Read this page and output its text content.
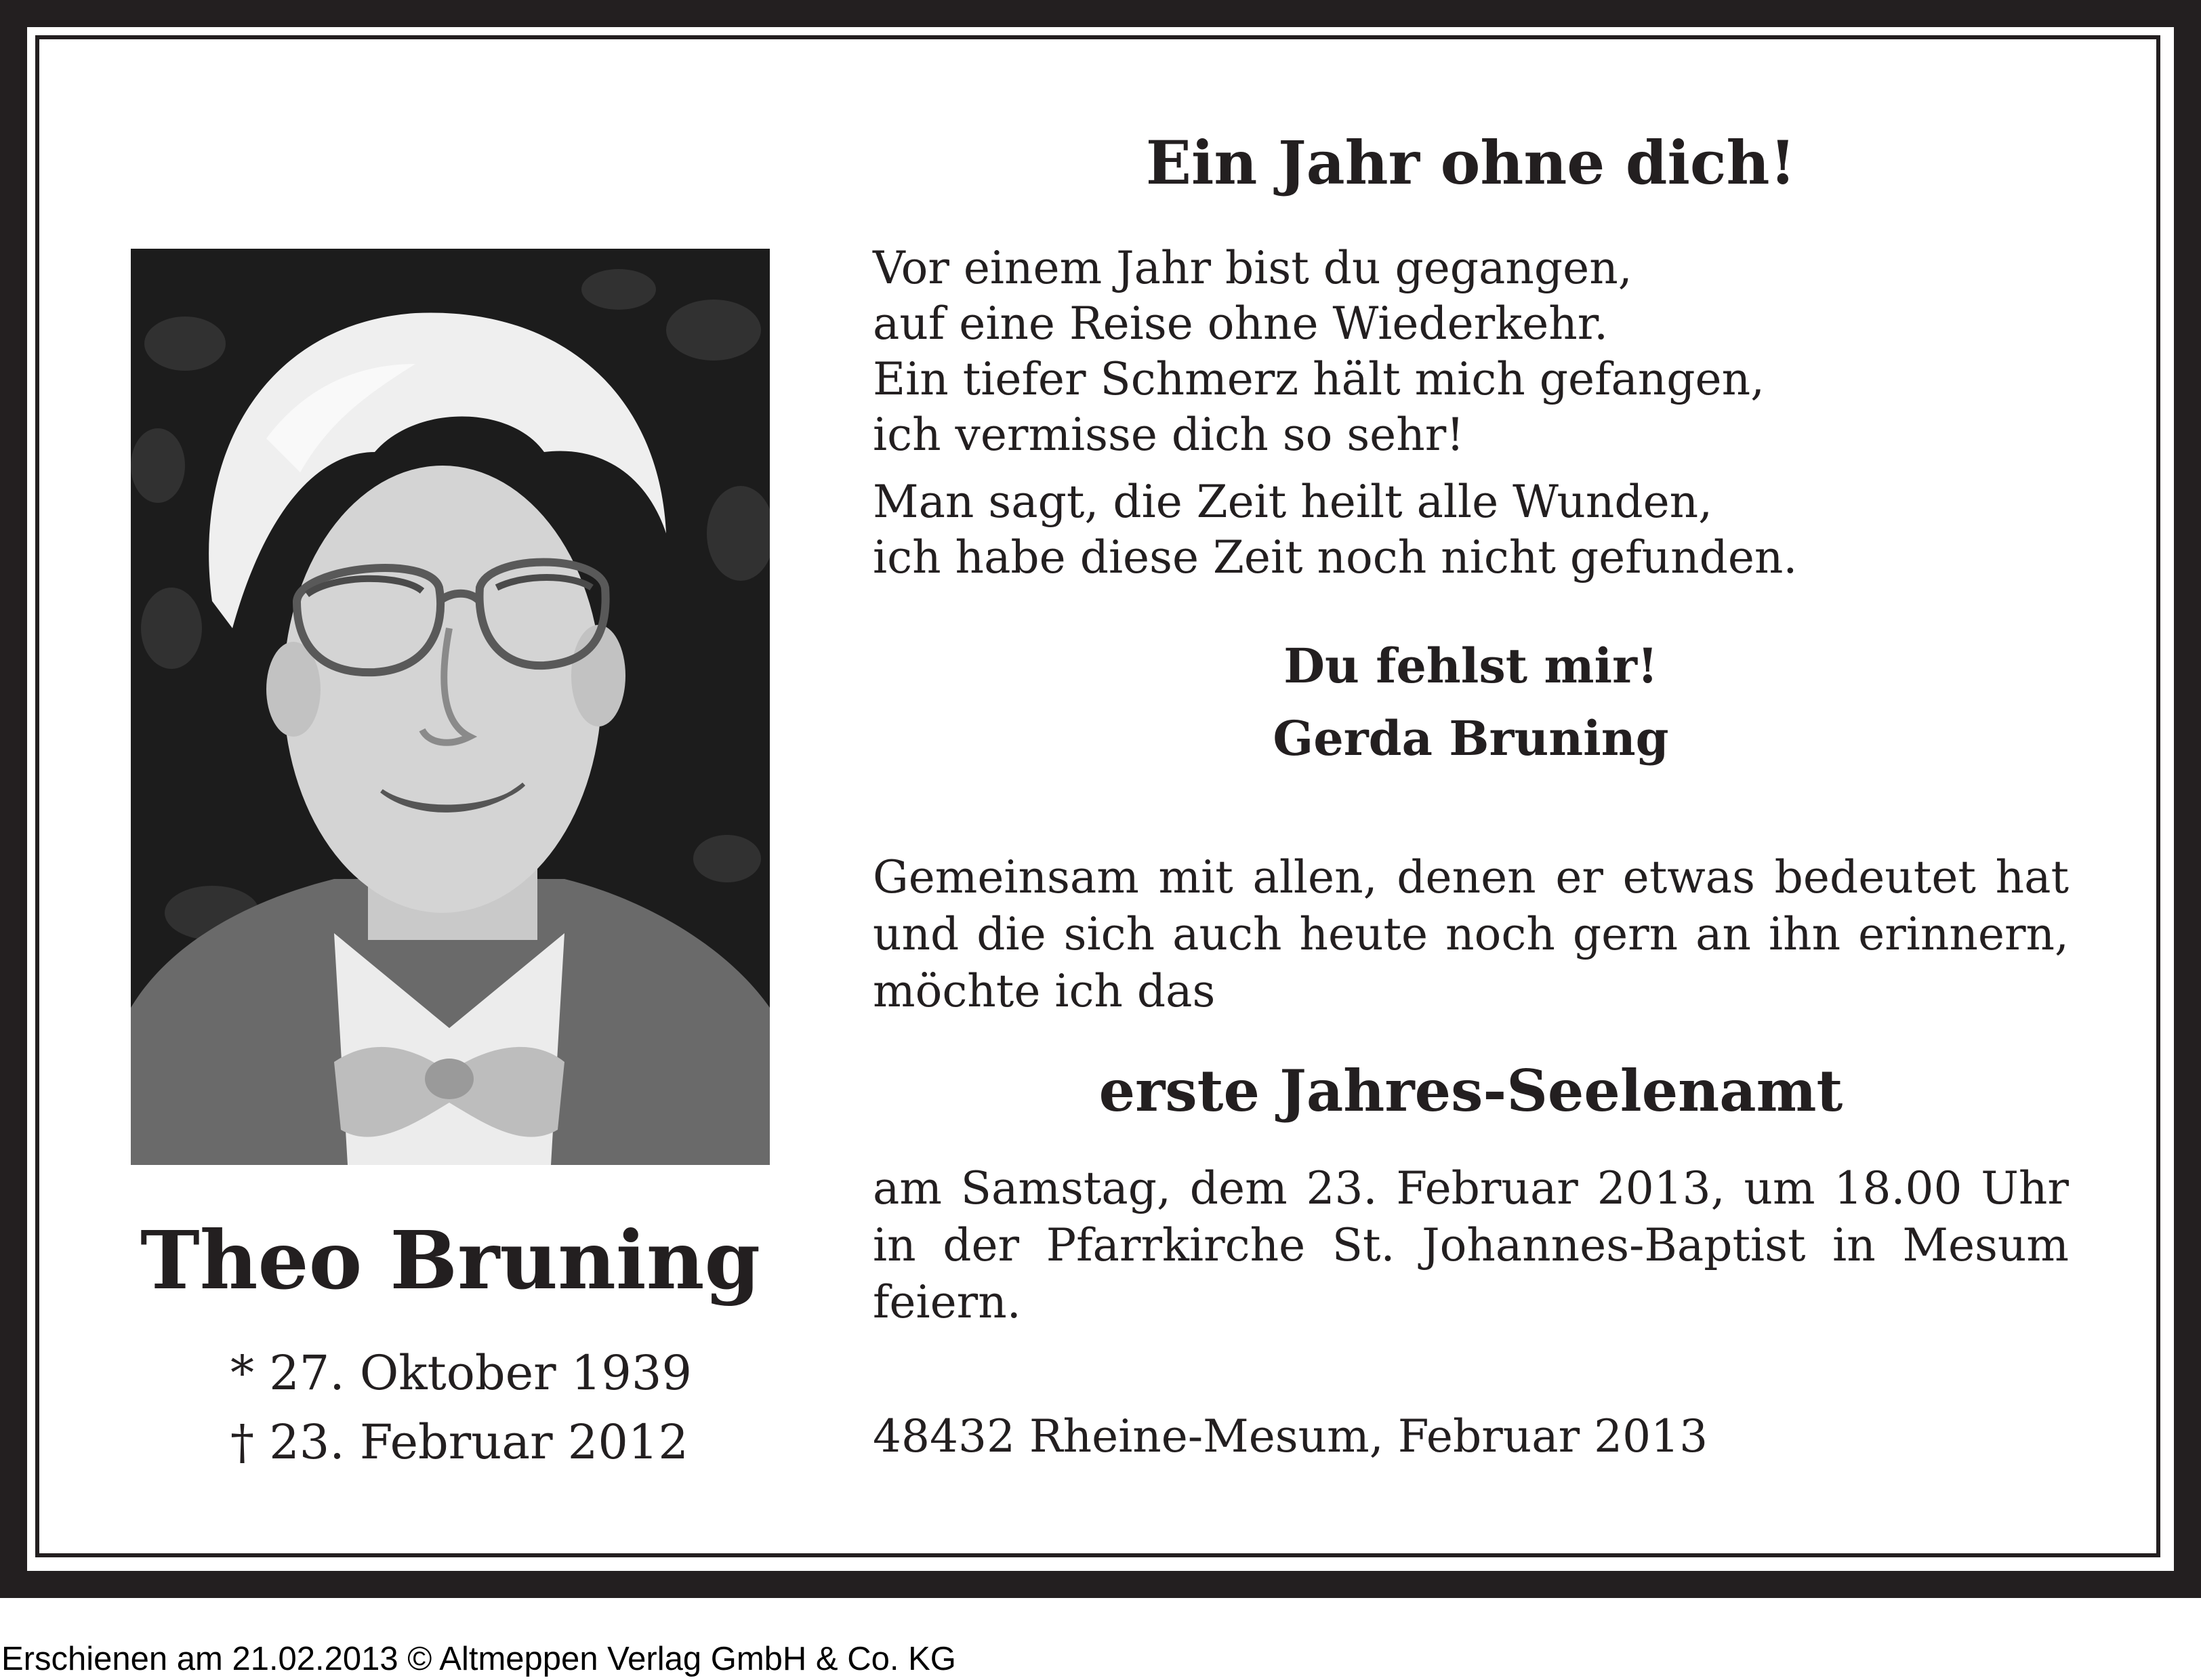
Theo Bruning
* 27. Oktober 1939
† 23. Februar 2012
Ein Jahr ohne dich!
Vor einem Jahr bist du gegangen,
auf eine Reise ohne Wiederkehr.
Ein tiefer Schmerz hält mich gefangen,
ich vermisse dich so sehr!
Man sagt, die Zeit heilt alle Wunden,
ich habe diese Zeit noch nicht gefunden.
Du fehlst mir!
Gerda Bruning
Gemeinsam mit allen, denen er etwas bedeutet hat
und die sich auch heute noch gern an ihn erinnern,
möchte ich das
erste Jahres-Seelenamt
am Samstag, dem 23. Februar 2013, um 18.00 Uhr
in der Pfarrkirche St. Johannes-Baptist in Mesum
feiern.
48432 Rheine-Mesum, Februar 2013
Erschienen am 21.02.2013 © Altmeppen Verlag GmbH & Co. KG
